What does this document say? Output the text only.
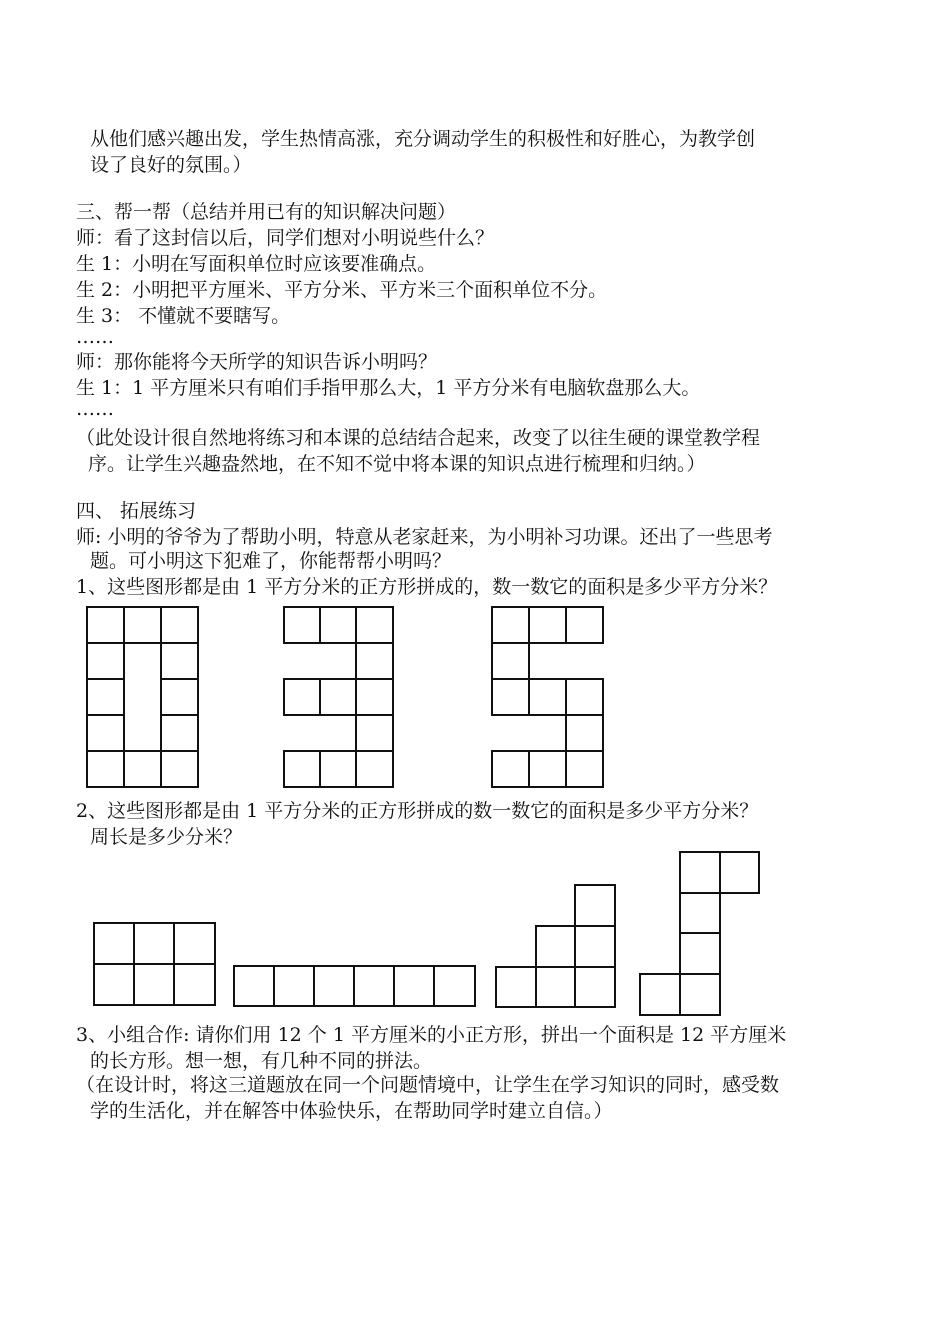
从他们感兴趣出发，学生热情高涨，充分调动学生的积极性和好胜心，为教学创
设了良好的氛围。）
三、帮一帮（总结并用已有的知识解决问题）
师：看了这封信以后，同学们想对小明说些什么？
生 1：小明在写面积单位时应该要准确点。
生 2：小明把平方厘米、平方分米、平方米三个面积单位不分。
生 3： 不懂就不要瞎写。
……
师：那你能将今天所学的知识告诉小明吗？
生 1：1 平方厘米只有咱们手指甲那么大，1 平方分米有电脑软盘那么大。
……
（此处设计很自然地将练习和本课的总结结合起来，改变了以往生硬的课堂教学程
序。让学生兴趣盎然地，在不知不觉中将本课的知识点进行梳理和归纳。）
四、 拓展练习
师: 小明的爷爷为了帮助小明，特意从老家赶来，为小明补习功课。还出了一些思考
题。可小明这下犯难了，你能帮帮小明吗？
1、这些图形都是由 1 平方分米的正方形拼成的，数一数它的面积是多少平方分米？
2、这些图形都是由 1 平方分米的正方形拼成的数一数它的面积是多少平方分米？
周长是多少分米？
3、小组合作: 请你们用 12 个 1 平方厘米的小正方形，拼出一个面积是 12 平方厘米
的长方形。想一想，有几种不同的拼法。
（在设计时，将这三道题放在同一个问题情境中，让学生在学习知识的同时，感受数
学的生活化，并在解答中体验快乐，在帮助同学时建立自信。）
